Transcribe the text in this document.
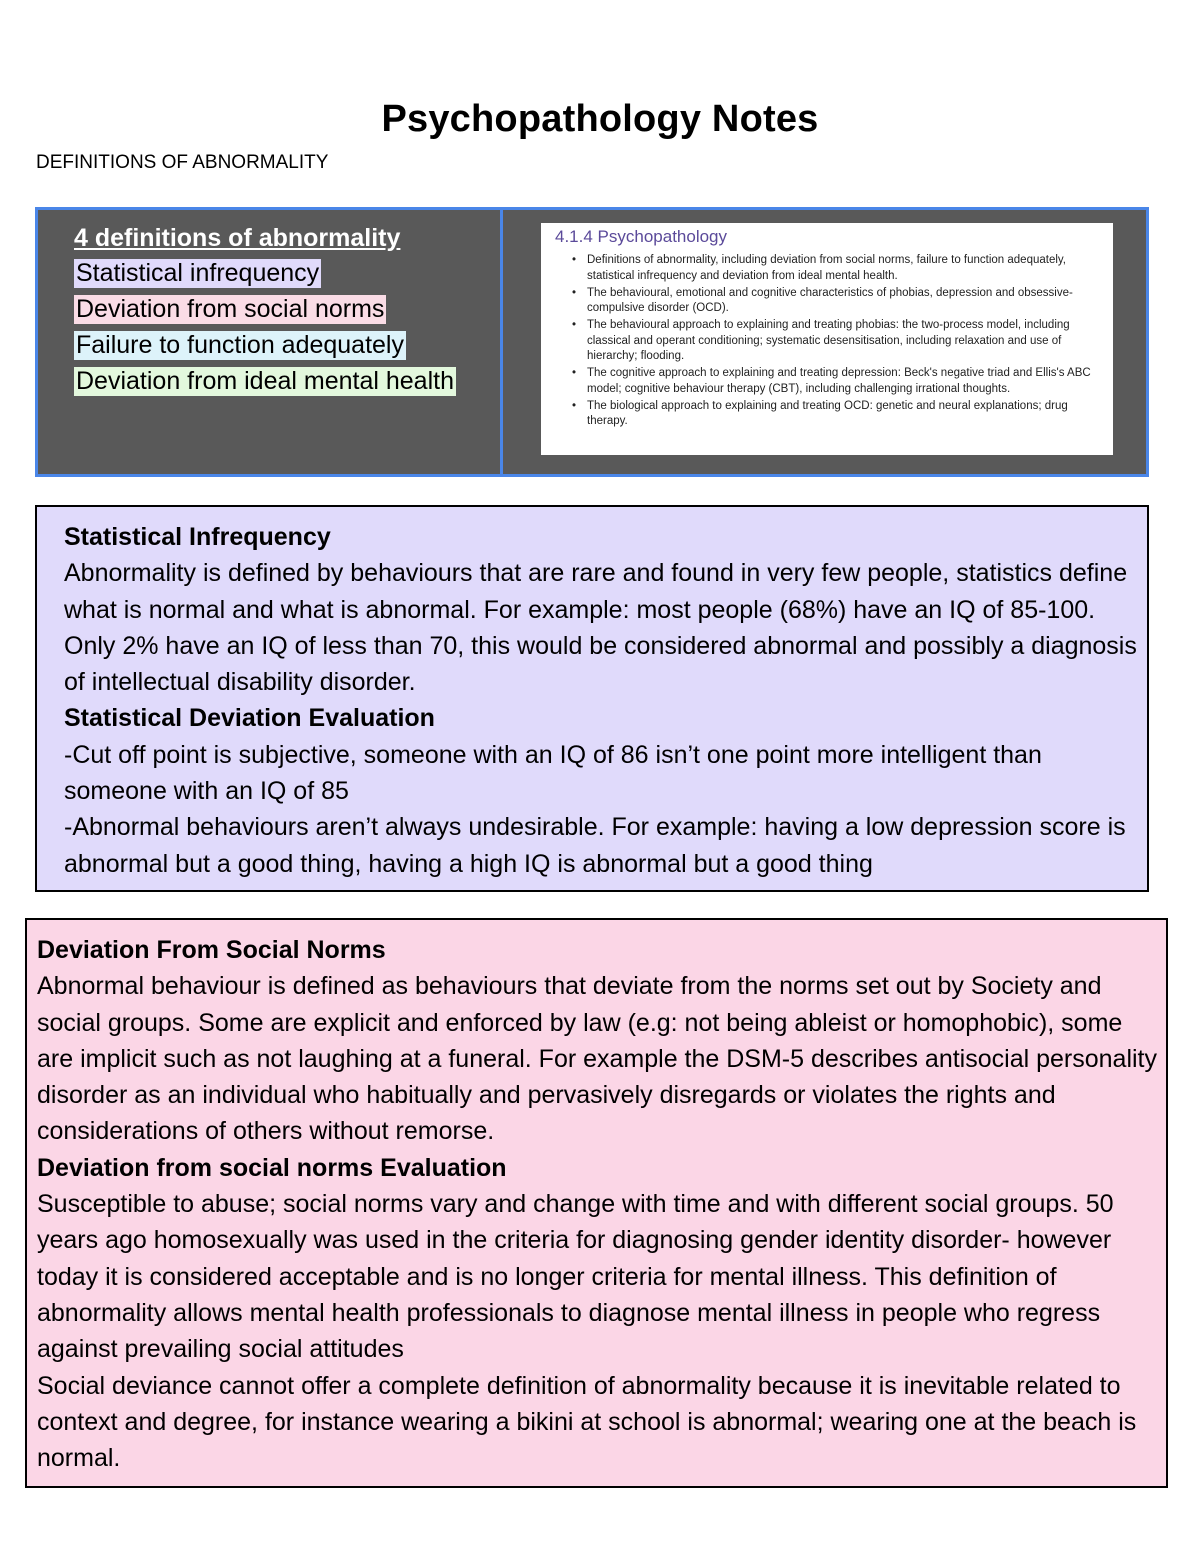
Psychopathology Notes
DEFINITIONS OF ABNORMALITY
4 definitions of abnormality
Statistical infrequency
Deviation from social norms
Failure to function adequately
Deviation from ideal mental health
4.1.4 Psychopathology
• Definitions of abnormality, including deviation from social norms, failure to function adequately, statistical infrequency and deviation from ideal mental health.
• The behavioural, emotional and cognitive characteristics of phobias, depression and obsessive-compulsive disorder (OCD).
• The behavioural approach to explaining and treating phobias: the two-process model, including classical and operant conditioning; systematic desensitisation, including relaxation and use of hierarchy; flooding.
• The cognitive approach to explaining and treating depression: Beck's negative triad and Ellis's ABC model; cognitive behaviour therapy (CBT), including challenging irrational thoughts.
• The biological approach to explaining and treating OCD: genetic and neural explanations; drug therapy.
Statistical Infrequency
Abnormality is defined by behaviours that are rare and found in very few people, statistics define what is normal and what is abnormal. For example: most people (68%) have an IQ of 85-100. Only 2% have an IQ of less than 70, this would be considered abnormal and possibly a diagnosis of intellectual disability disorder.
Statistical Deviation Evaluation
-Cut off point is subjective, someone with an IQ of 86 isn’t one point more intelligent than someone with an IQ of 85
-Abnormal behaviours aren’t always undesirable. For example: having a low depression score is abnormal but a good thing, having a high IQ is abnormal but a good thing
Deviation From Social Norms
Abnormal behaviour is defined as behaviours that deviate from the norms set out by Society and social groups. Some are explicit and enforced by law (e.g: not being ableist or homophobic), some are implicit such as not laughing at a funeral. For example the DSM-5 describes antisocial personality disorder as an individual who habitually and pervasively disregards or violates the rights and considerations of others without remorse.
Deviation from social norms Evaluation
Susceptible to abuse; social norms vary and change with time and with different social groups. 50 years ago homosexually was used in the criteria for diagnosing gender identity disorder- however today it is considered acceptable and is no longer criteria for mental illness. This definition of abnormality allows mental health professionals to diagnose mental illness in people who regress against prevailing social attitudes
Social deviance cannot offer a complete definition of abnormality because it is inevitable related to context and degree, for instance wearing a bikini at school is abnormal; wearing one at the beach is normal.
